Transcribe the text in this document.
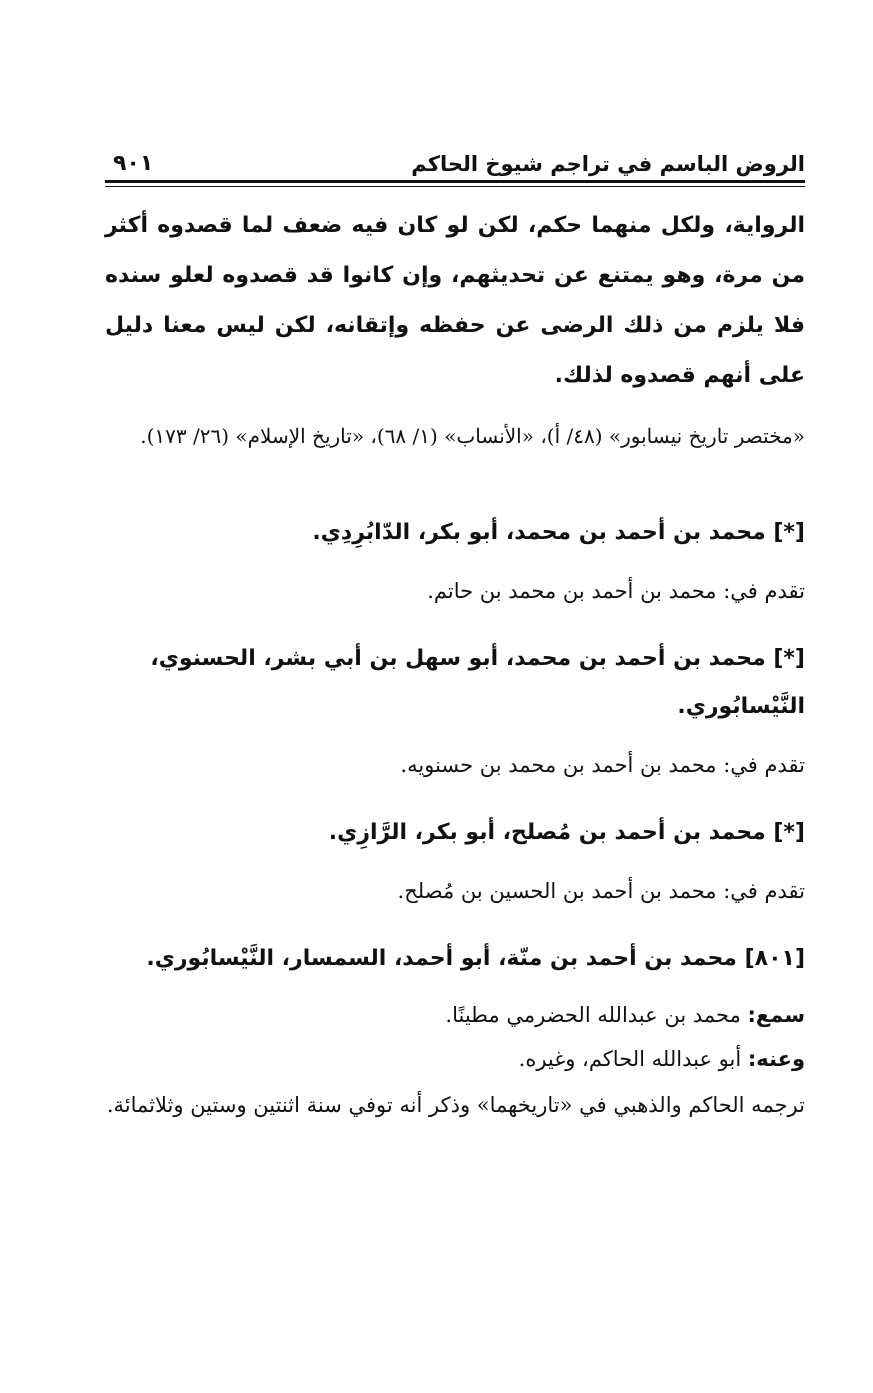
الروض الباسم في تراجم شيوخ الحاكم
٩٠١

الرواية، ولكل منهما حكم، لكن لو كان فيه ضعف لما قصدوه أكثر من مرة، وهو يمتنع عن تحديثهم، وإن كانوا قد قصدوه لعلو سنده فلا يلزم من ذلك الرضى عن حفظه وإتقانه، لكن ليس معنا دليل على أنهم قصدوه لذلك.

«مختصر تاريخ نيسابور» (٤٨/ أ)، «الأنساب» (١/ ٦٨)، «تاريخ الإسلام» (٢٦/ ١٧٣).

[*] محمد بن أحمد بن محمد، أبو بكر، الدّابُرِدِي.

تقدم في: محمد بن أحمد بن محمد بن حاتم.

[*] محمد بن أحمد بن محمد، أبو سهل بن أبي بشر، الحسنوي، النَّيْسابُوري.

تقدم في: محمد بن أحمد بن محمد بن حسنويه.

[*] محمد بن أحمد بن مُصلح، أبو بكر، الرَّازِي.

تقدم في: محمد بن أحمد بن الحسين بن مُصلح.

[٨٠١] محمد بن أحمد بن منّة، أبو أحمد، السمسار، النَّيْسابُوري.

سمع: محمد بن عبدالله الحضرمي مطينًا.

وعنه: أبو عبدالله الحاكم، وغيره.

ترجمه الحاكم والذهبي في «تاريخهما» وذكر أنه توفي سنة اثنتين وستين وثلاثمائة.
